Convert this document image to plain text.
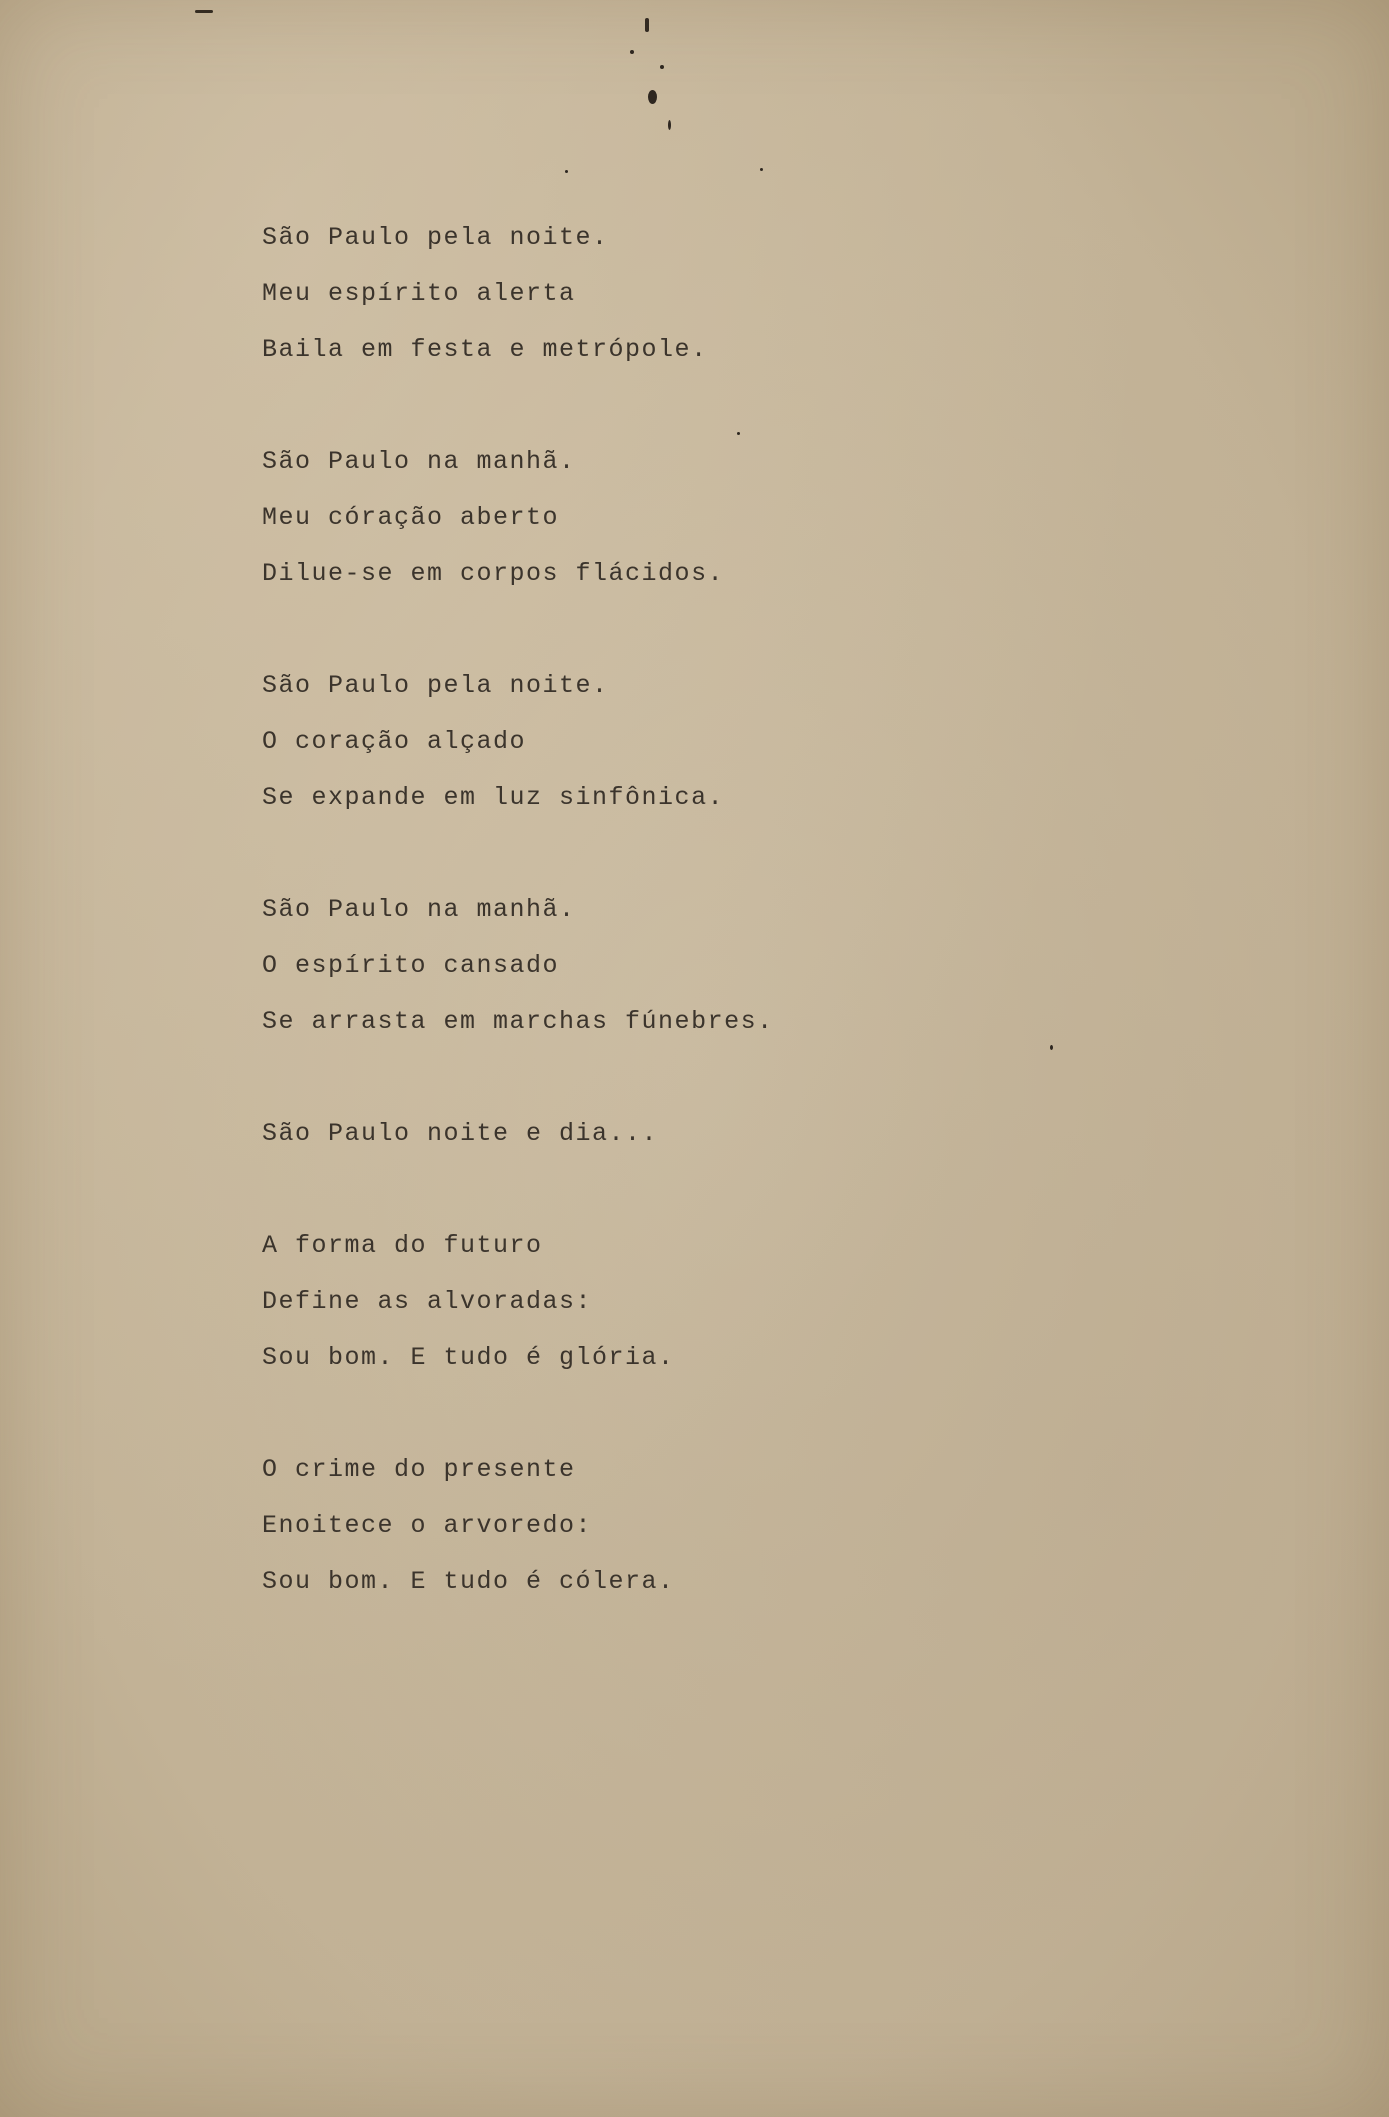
São Paulo pela noite.
Meu espírito alerta
Baila em festa e metrópole.
São Paulo na manhã.
Meu córação aberto
Dilue-se em corpos flácidos.
São Paulo pela noite.
O coração alçado
Se expande em luz sinfônica.
São Paulo na manhã.
O espírito cansado
Se arrasta em marchas fúnebres.
São Paulo noite e dia...
A forma do futuro
Define as alvoradas:
Sou bom. E tudo é glória.
O crime do presente
Enoitece o arvoredo:
Sou bom. E tudo é cólera.
